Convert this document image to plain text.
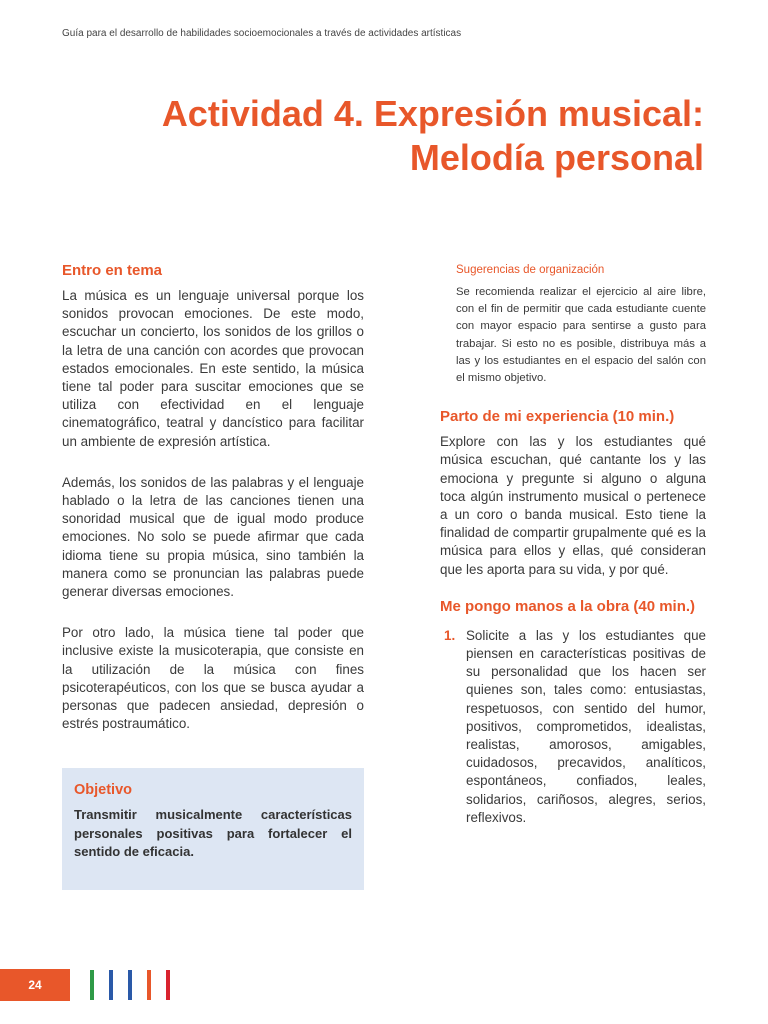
Guía para el desarrollo de habilidades socioemocionales a través de actividades artísticas
Actividad 4. Expresión musical:
Melodía personal
Entro en tema

La música es un lenguaje universal porque los sonidos provocan emociones. De este modo, escuchar un concierto, los sonidos de los grillos o la letra de una canción con acordes que provocan estados emocionales. En este sentido, la música tiene tal poder para suscitar emociones que se utiliza con efectividad en el lenguaje cinematográfico, teatral y dancístico para facilitar un ambiente de expresión artística.

Además, los sonidos de las palabras y el lenguaje hablado o la letra de las canciones tienen una sonoridad musical que de igual modo produce emociones. No solo se puede afirmar que cada idioma tiene su propia música, sino también la manera como se pronuncian las palabras puede generar diversas emociones.

Por otro lado, la música tiene tal poder que inclusive existe la musicoterapia, que consiste en la utilización de la música con fines psicoterapéuticos, con los que se busca ayudar a personas que padecen ansiedad, depresión o estrés postraumático.

Objetivo

Transmitir musicalmente características personales positivas para fortalecer el sentido de eficacia.

Sugerencias de organización
Se recomienda realizar el ejercicio al aire libre, con el fin de permitir que cada estudiante cuente con mayor espacio para sentirse a gusto para trabajar. Si esto no es posible, distribuya más a las y los estudiantes en el espacio del salón con el mismo objetivo.
Parto de mi experiencia (10 min.)

Explore con las y los estudiantes qué música escuchan, qué cantante los y las emociona y pregunte si alguno o alguna toca algún instrumento musical o pertenece a un coro o banda musical. Esto tiene la finalidad de compartir grupalmente qué es la música para ellos y ellas, qué consideran que les aporta para su vida, y por qué.

Me pongo manos a la obra (40 min.)
1. Solicite a las y los estudiantes que piensen en características positivas de su personalidad que los hacen ser quienes son, tales como: entusiastas, respetuosos, con sentido del humor, positivos, comprometidos, idealistas, realistas, amorosos, amigables, cuidadosos, precavidos, analíticos, espontáneos, confiados, leales, solidarios, cariñosos, alegres, serios, reflexivos.

24
